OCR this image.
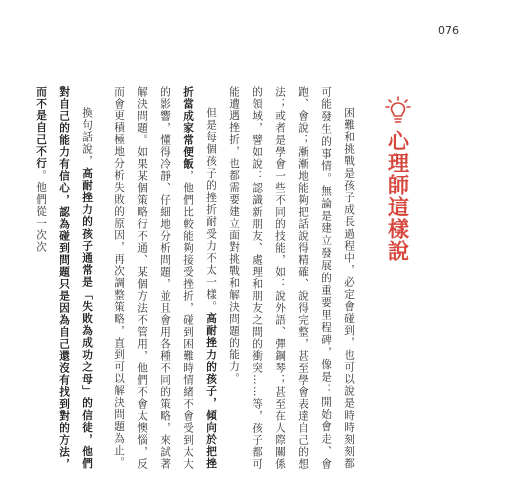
076
心理師這樣說

困難和挑戰是孩子成長過程中，必定會碰到，也可以說是時時刻刻都可能發生的事情。無論是建立發展的重要里程碑，像是：開始會走、會跑、會說；漸漸地能夠把話說得精確、說得完整，甚至學會表達自己的想法；或者是學會一些不同的技能，如：說外語、彈鋼琴；甚至在人際關係的領域，譬如說：認識新朋友、處理和朋友之間的衝突……等，孩子都可能遭遇挫折，也都需要建立面對挑戰和解決問題的能力。

但是每個孩子的挫折耐受力不太一樣。高耐挫力的孩子，傾向於把挫折當成家常便飯，他們比較能夠接受挫折，碰到困難時情緒不會受到太大的影響，懂得冷靜、仔細地分析問題，並且會用各種不同的策略，來試著解決問題。如果某個策略行不通、某個方法不管用，他們不會太懊惱，反而會更積極地分析失敗的原因，再次調整策略，直到可以解決問題為止。

換句話說，高耐挫力的孩子通常是「失敗為成功之母」的信徒，他們對自己的能力有信心，認為碰到問題只是因為自己還沒有找到對的方法，而不是自己不行。他們從一次次
